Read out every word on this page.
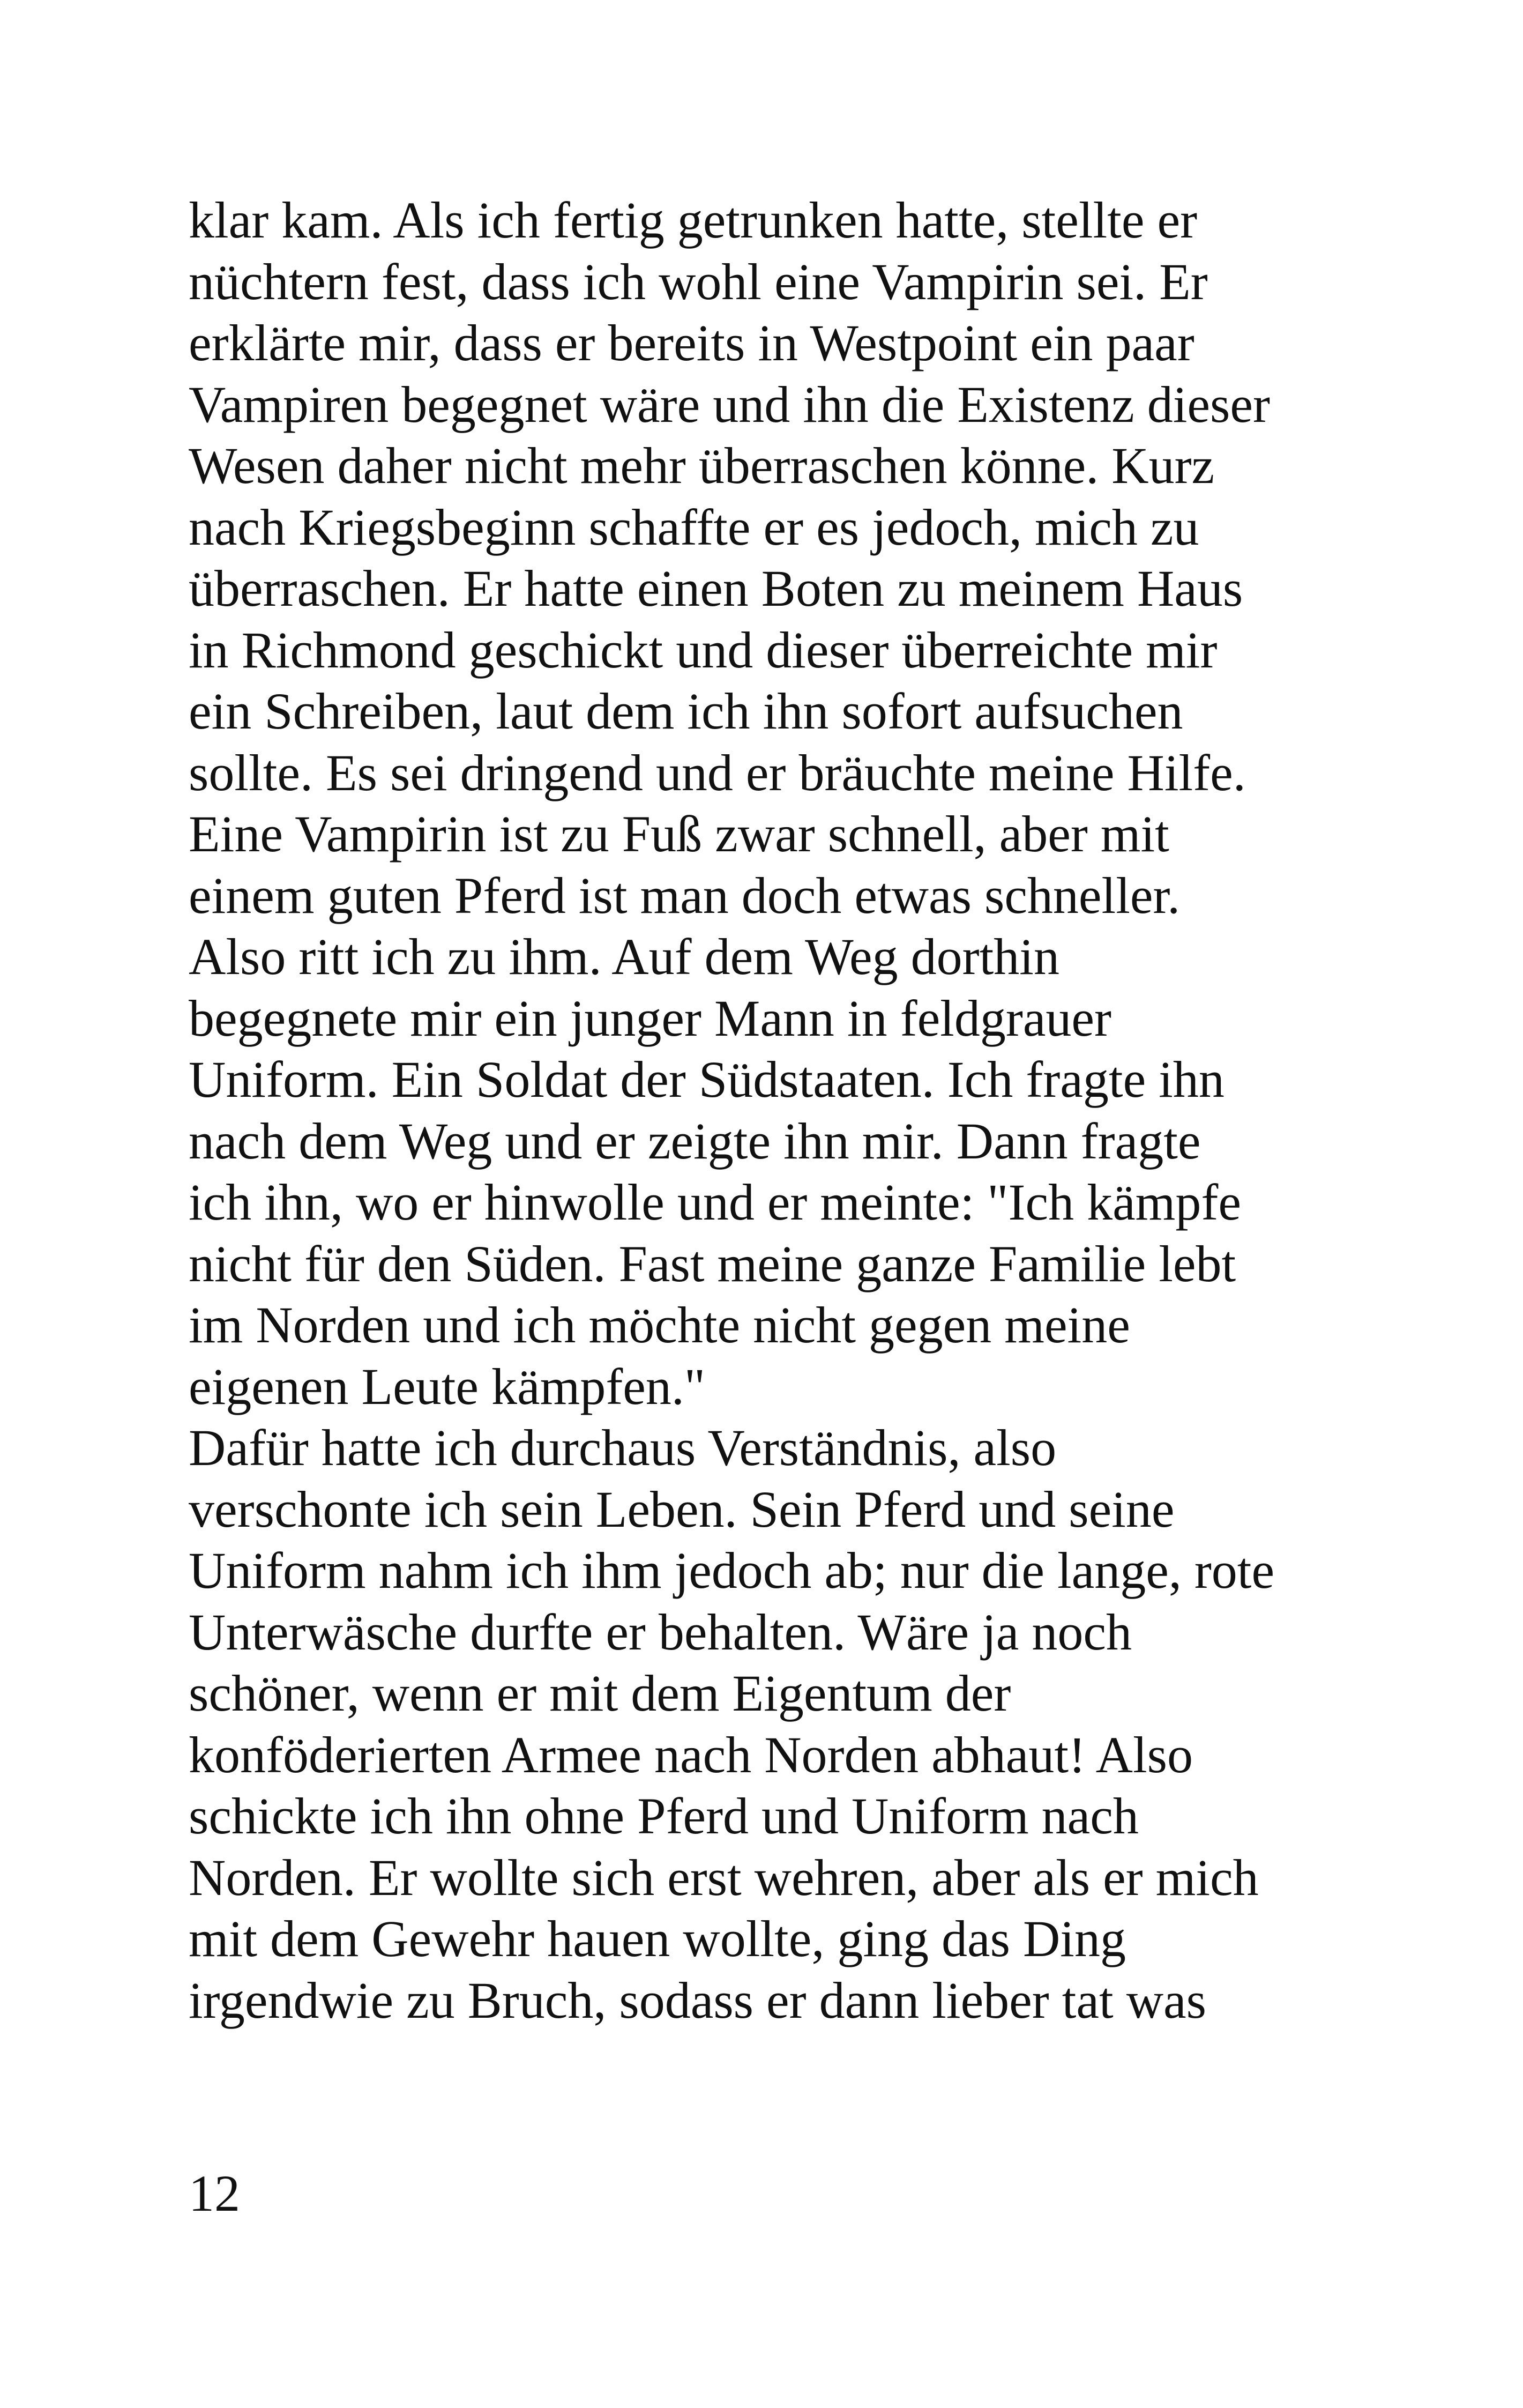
klar kam. Als ich fertig getrunken hatte, stellte er
nüchtern fest, dass ich wohl eine Vampirin sei. Er
erklärte mir, dass er bereits in Westpoint ein paar
Vampiren begegnet wäre und ihn die Existenz dieser
Wesen daher nicht mehr überraschen könne. Kurz
nach Kriegsbeginn schaffte er es jedoch, mich zu
überraschen. Er hatte einen Boten zu meinem Haus
in Richmond geschickt und dieser überreichte mir
ein Schreiben, laut dem ich ihn sofort aufsuchen
sollte. Es sei dringend und er bräuchte meine Hilfe.
Eine Vampirin ist zu Fuß zwar schnell, aber mit
einem guten Pferd ist man doch etwas schneller.
Also ritt ich zu ihm. Auf dem Weg dorthin
begegnete mir ein junger Mann in feldgrauer
Uniform. Ein Soldat der Südstaaten. Ich fragte ihn
nach dem Weg und er zeigte ihn mir. Dann fragte
ich ihn, wo er hinwolle und er meinte: "Ich kämpfe
nicht für den Süden. Fast meine ganze Familie lebt
im Norden und ich möchte nicht gegen meine
eigenen Leute kämpfen."
Dafür hatte ich durchaus Verständnis, also
verschonte ich sein Leben. Sein Pferd und seine
Uniform nahm ich ihm jedoch ab; nur die lange, rote
Unterwäsche durfte er behalten. Wäre ja noch
schöner, wenn er mit dem Eigentum der
konföderierten Armee nach Norden abhaut! Also
schickte ich ihn ohne Pferd und Uniform nach
Norden. Er wollte sich erst wehren, aber als er mich
mit dem Gewehr hauen wollte, ging das Ding
irgendwie zu Bruch, sodass er dann lieber tat was
12
